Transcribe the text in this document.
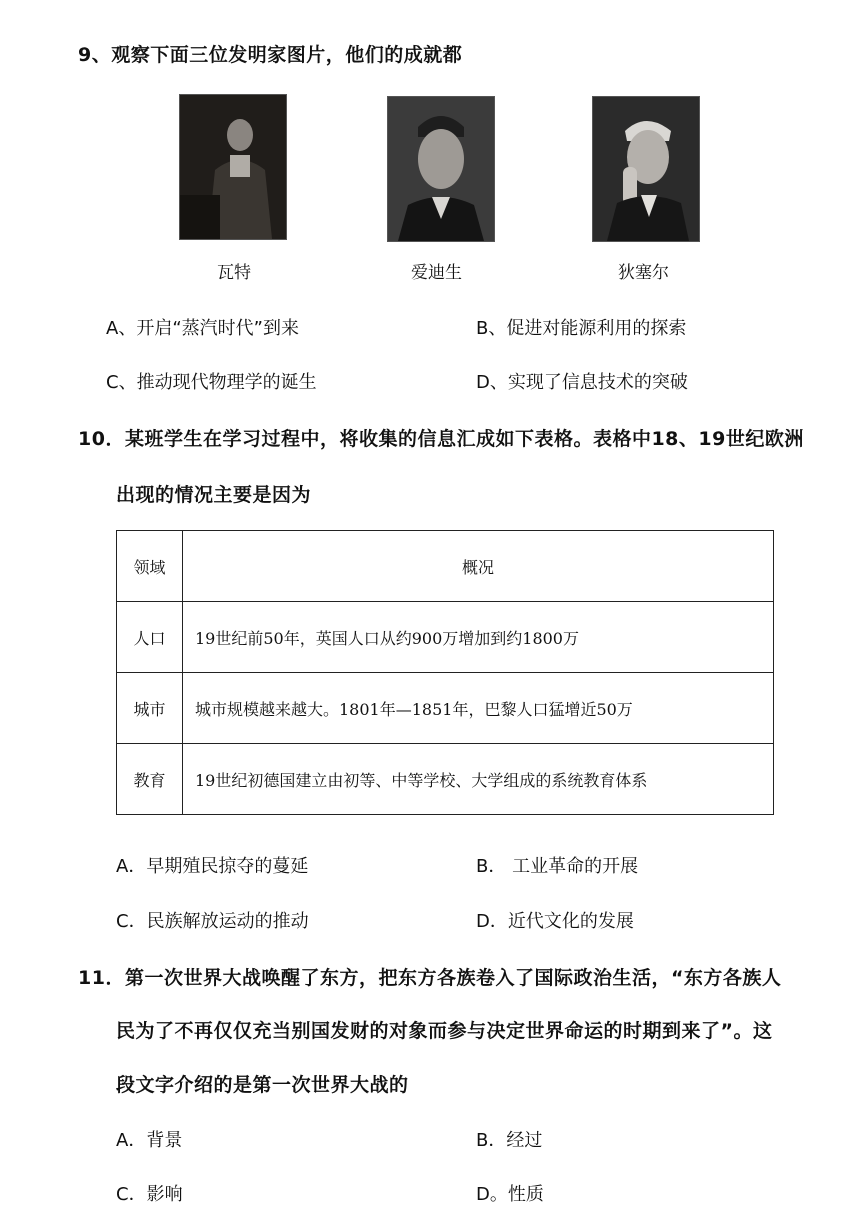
9、观察下面三位发明家图片，他们的成就都
瓦特	爱迪生	狄塞尔
A、开启“蒸汽时代”到来	B、促进对能源利用的探索
C、推动现代物理学的诞生	D、实现了信息技术的突破
10．某班学生在学习过程中，将收集的信息汇成如下表格。表格中18、19世纪欧洲
出现的情况主要是因为
领域	概况
人口	19世纪前50年，英国人口从约900万增加到约1800万
城市	城市规模越来越大。1801年—1851年，巴黎人口猛增近50万
教育	19世纪初德国建立由初等、中等学校、大学组成的系统教育体系
A．早期殖民掠夺的蔓延	B． 工业革命的开展
C．民族解放运动的推动	D．近代文化的发展
11．第一次世界大战唤醒了东方，把东方各族卷入了国际政治生活，“东方各族人
民为了不再仅仅充当别国发财的对象而参与决定世界命运的时期到来了”。这
段文字介绍的是第一次世界大战的
A．背景	B．经过
C．影响	D。性质
